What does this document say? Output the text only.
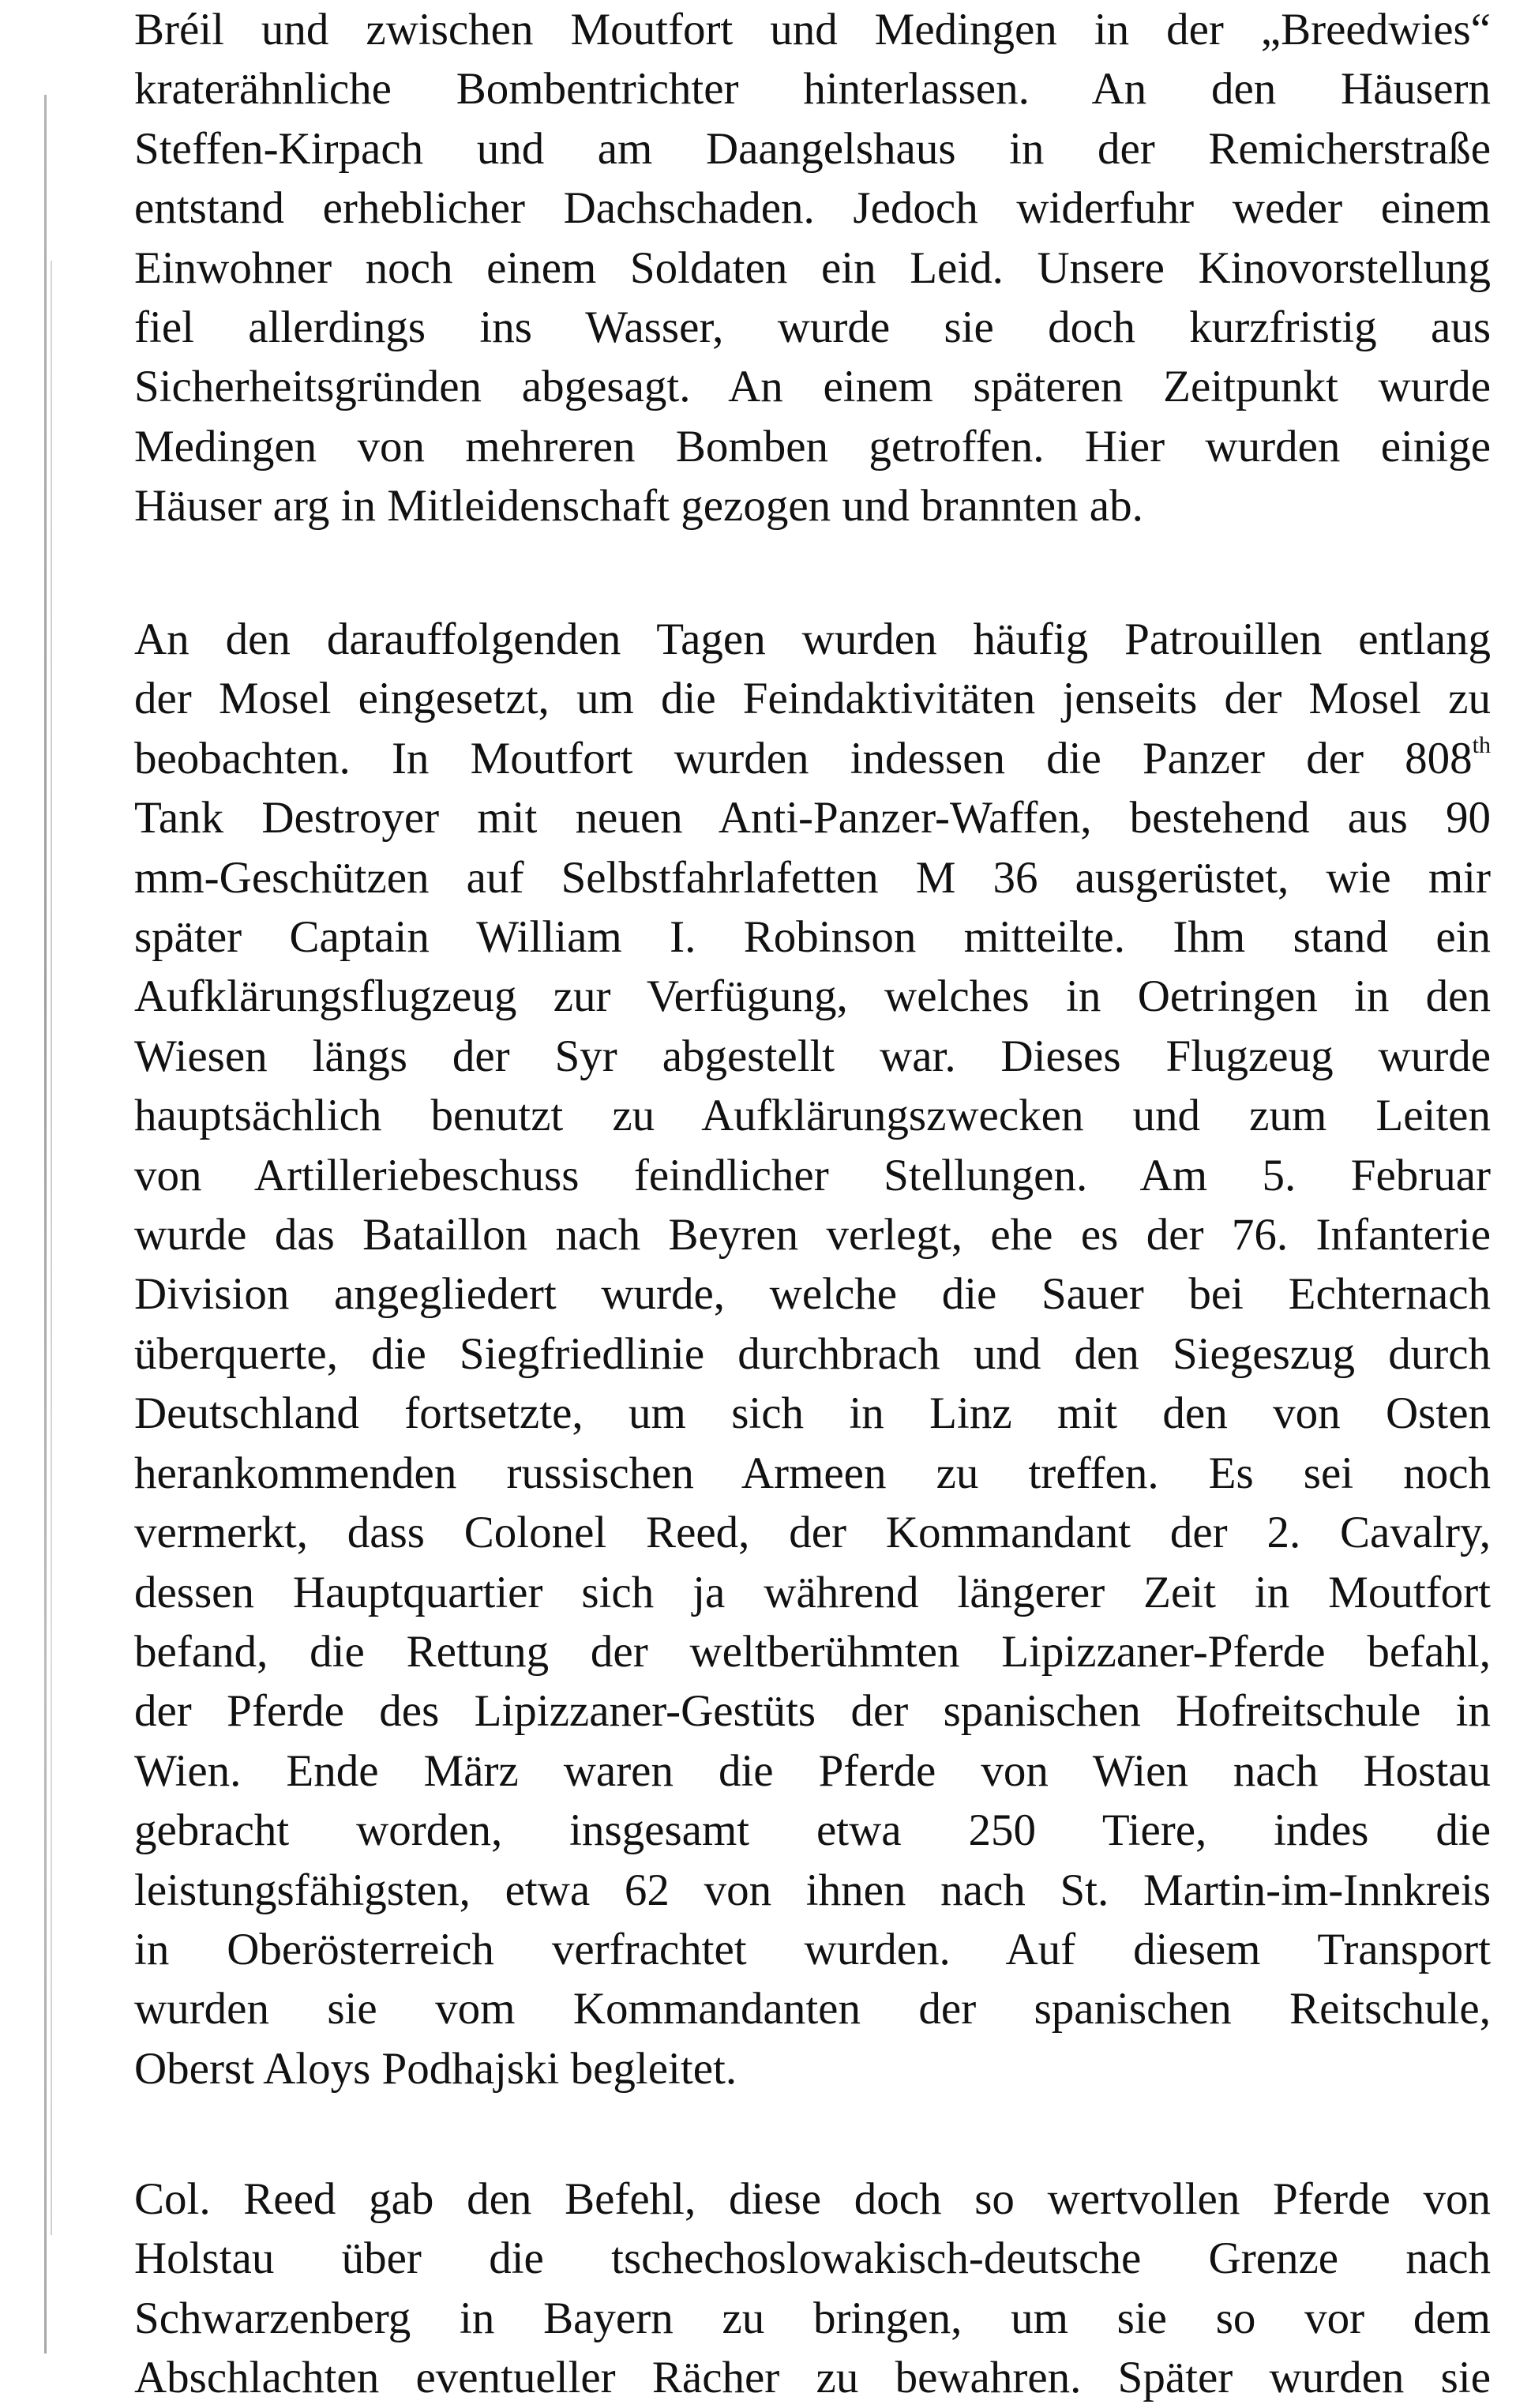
Bréil und zwischen Moutfort und Medingen in der „Breedwies“
kraterähnliche Bombentrichter hinterlassen. An den Häusern
Steffen-Kirpach und am Daangelshaus in der Remicherstraße
entstand erheblicher Dachschaden. Jedoch widerfuhr weder einem
Einwohner noch einem Soldaten ein Leid. Unsere Kinovorstellung
fiel allerdings ins Wasser, wurde sie doch kurzfristig aus
Sicherheitsgründen abgesagt. An einem späteren Zeitpunkt wurde
Medingen von mehreren Bomben getroffen. Hier wurden einige
Häuser arg in Mitleidenschaft gezogen und brannten ab.
An den darauffolgenden Tagen wurden häufig Patrouillen entlang
der Mosel eingesetzt, um die Feindaktivitäten jenseits der Mosel zu
beobachten. In Moutfort wurden indessen die Panzer der 808th
Tank Destroyer mit neuen Anti-Panzer-Waffen, bestehend aus 90
mm-Geschützen auf Selbstfahrlafetten M 36 ausgerüstet, wie mir
später Captain William I. Robinson mitteilte. Ihm stand ein
Aufklärungsflugzeug zur Verfügung, welches in Oetringen in den
Wiesen längs der Syr abgestellt war. Dieses Flugzeug wurde
hauptsächlich benutzt zu Aufklärungszwecken und zum Leiten
von Artilleriebeschuss feindlicher Stellungen. Am 5. Februar
wurde das Bataillon nach Beyren verlegt, ehe es der 76. Infanterie
Division angegliedert wurde, welche die Sauer bei Echternach
überquerte, die Siegfriedlinie durchbrach und den Siegeszug durch
Deutschland fortsetzte, um sich in Linz mit den von Osten
herankommenden russischen Armeen zu treffen. Es sei noch
vermerkt, dass Colonel Reed, der Kommandant der 2. Cavalry,
dessen Hauptquartier sich ja während längerer Zeit in Moutfort
befand, die Rettung der weltberühmten Lipizzaner-Pferde befahl,
der Pferde des Lipizzaner-Gestüts der spanischen Hofreitschule in
Wien. Ende März waren die Pferde von Wien nach Hostau
gebracht worden, insgesamt etwa 250 Tiere, indes die
leistungsfähigsten, etwa 62 von ihnen nach St. Martin-im-Innkreis
in Oberösterreich verfrachtet wurden. Auf diesem Transport
wurden sie vom Kommandanten der spanischen Reitschule,
Oberst Aloys Podhajski begleitet.
Col. Reed gab den Befehl, diese doch so wertvollen Pferde von
Holstau über die tschechoslowakisch-deutsche Grenze nach
Schwarzenberg in Bayern zu bringen, um sie so vor dem
Abschlachten eventueller Rächer zu bewahren. Später wurden sie
